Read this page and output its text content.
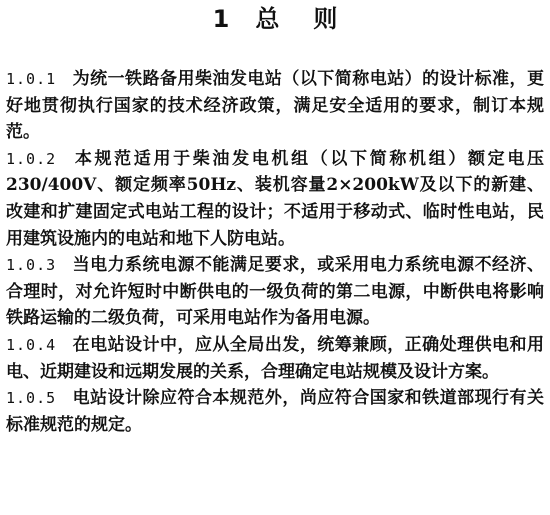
1 总 则

1.0.1 为统一铁路备用柴油发电站（以下简称电站）的设计标准，更好地贯彻执行国家的技术经济政策，满足安全适用的要求，制订本规范。

1.0.2 本规范适用于柴油发电机组（以下简称机组）额定电压230/400V、额定频率50Hz、装机容量2×200kW及以下的新建、改建和扩建固定式电站工程的设计；不适用于移动式、临时性电站，民用建筑设施内的电站和地下人防电站。

1.0.3 当电力系统电源不能满足要求，或采用电力系统电源不经济、合理时，对允许短时中断供电的一级负荷的第二电源，中断供电将影响铁路运输的二级负荷，可采用电站作为备用电源。

1.0.4 在电站设计中，应从全局出发，统筹兼顾，正确处理供电和用电、近期建设和远期发展的关系，合理确定电站规模及设计方案。

1.0.5 电站设计除应符合本规范外，尚应符合国家和铁道部现行有关标准规范的规定。
